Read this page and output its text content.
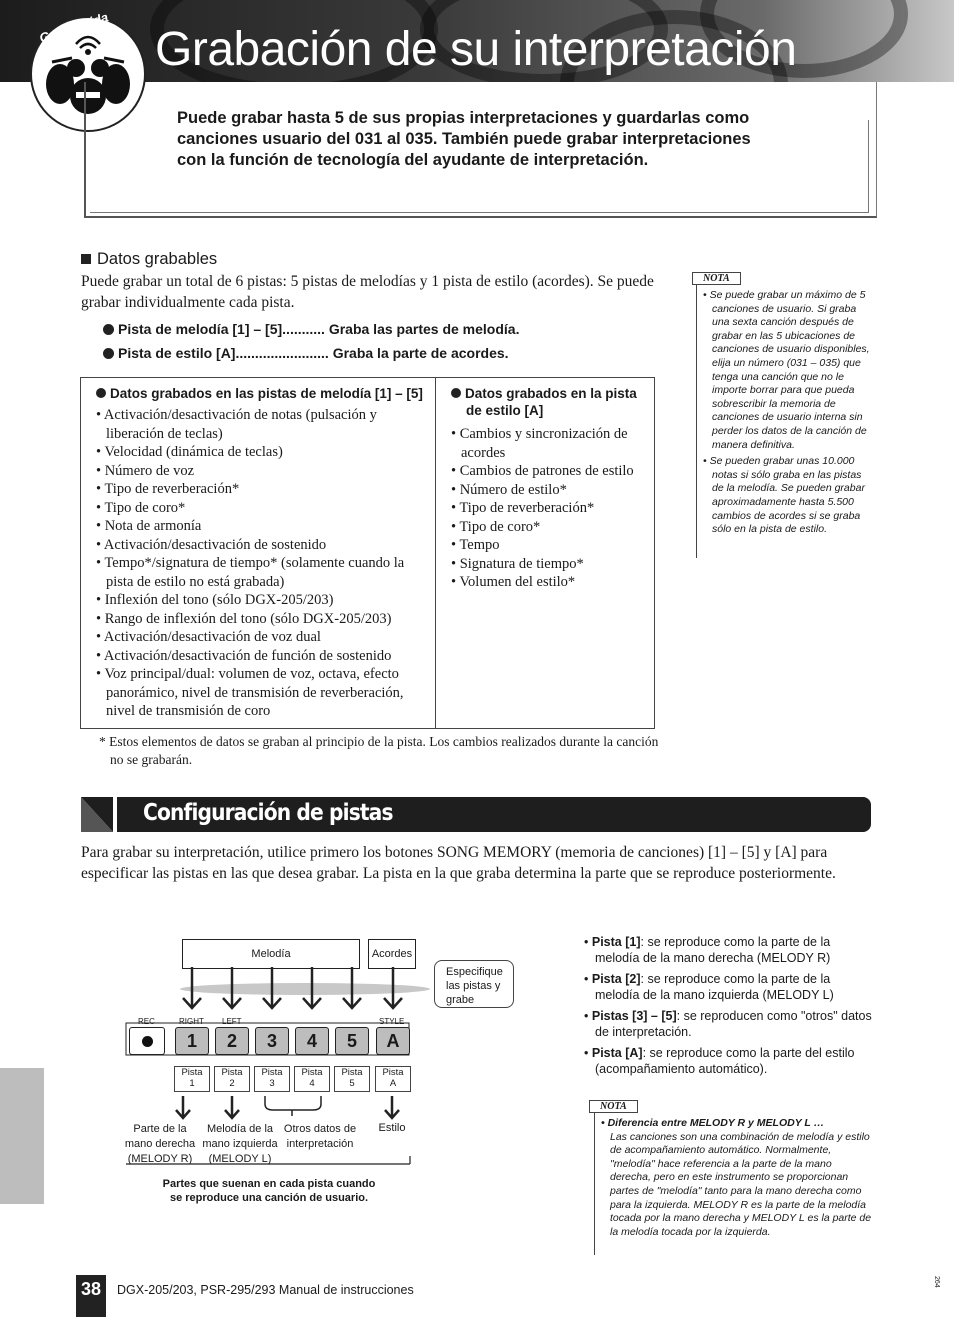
Grabación de su interpretación
Guía rápida
Puede grabar hasta 5 de sus propias interpretaciones y guardarlas como canciones usuario del 031 al 035. También puede grabar interpretaciones con la función de tecnología del ayudante de interpretación.
Datos grabables
Puede grabar un total de 6 pistas: 5 pistas de melodías y 1 pista de estilo (acordes). Se puede grabar individualmente cada pista.
Pista de melodía [1] – [5]........... Graba las partes de melodía.
Pista de estilo [A]........................ Graba la parte de acordes.
Datos grabados en las pistas de melodía [1] – [5]
• Activación/desactivación de notas (pulsación y liberación de teclas)
• Velocidad (dinámica de teclas)
• Número de voz
• Tipo de reverberación*
• Tipo de coro*
• Nota de armonía
• Activación/desactivación de sostenido
• Tempo*/signatura de tiempo* (solamente cuando la pista de estilo no está grabada)
• Inflexión del tono (sólo DGX-205/203)
• Rango de inflexión del tono (sólo DGX-205/203)
• Activación/desactivación de voz dual
• Activación/desactivación de función de sostenido
• Voz principal/dual: volumen de voz, octava, efecto panorámico, nivel de transmisión de reverberación, nivel de transmisión de coro
Datos grabados en la pista de estilo [A]
• Cambios y sincronización de acordes
• Cambios de patrones de estilo
• Número de estilo*
• Tipo de reverberación*
• Tipo de coro*
• Tempo
• Signatura de tiempo*
• Volumen del estilo*
* Estos elementos de datos se graban al principio de la pista. Los cambios realizados durante la canción no se grabarán.
• Se puede grabar un máximo de 5 canciones de usuario. Si graba una sexta canción después de grabar en las 5 ubicaciones de canciones de usuario disponibles, elija un número (031 – 035) que tenga una canción que no le importe borrar para que pueda sobrescribir la memoria de canciones de usuario interna sin perder los datos de la canción de manera definitiva.
• Se pueden grabar unas 10.000 notas si sólo graba en las pistas de la melodía. Se pueden grabar aproximadamente hasta 5.500 cambios de acordes si se graba sólo en la pista de estilo.
NOTA
Configuración de pistas
Para grabar su interpretación, utilice primero los botones SONG MEMORY (memoria de canciones) [1] – [5] y [A] para especificar las pistas en las que desea grabar. La pista en la que graba determina la parte que se reproduce posteriormente.
Melodía	Acordes
REC	RIGHT LEFT	STYLE
1	2	3	4	5	A
Pista
1
Pista
2
Pista
3
Pista
4
Pista
5
Pista
A
Parte de la
mano derecha
(MELODY R)
Melodía de la
mano izquierda
(MELODY L)
Otros datos de
interpretación
Estilo
Partes que suenan en cada pista cuando
se reproduce una canción de usuario.
Especifique
las pistas y
grabe
• Pista [1]: se reproduce como la parte de la melodía de la mano derecha (MELODY R)
• Pista [2]: se reproduce como la parte de la melodía de la mano izquierda (MELODY L)
• Pistas [3] – [5]: se reproducen como "otros" datos de interpretación.
• Pista [A]: se reproduce como la parte del estilo (acompañamiento automático).
• Diferencia entre MELODY R y MELODY L …
Las canciones son una combinación de melodía y estilo de acompañamiento automático. Normalmente, "melodía" hace referencia a la parte de la mano derecha, pero en este instrumento se proporcionan partes de "melodía" tanto para la mano derecha como para la izquierda. MELODY R es la parte de la melodía tocada por la mano derecha y MELODY L es la parte de la melodía tocada por la izquierda.
NOTA
38	DGX-205/203, PSR-295/293 Manual de instrucciones
264
